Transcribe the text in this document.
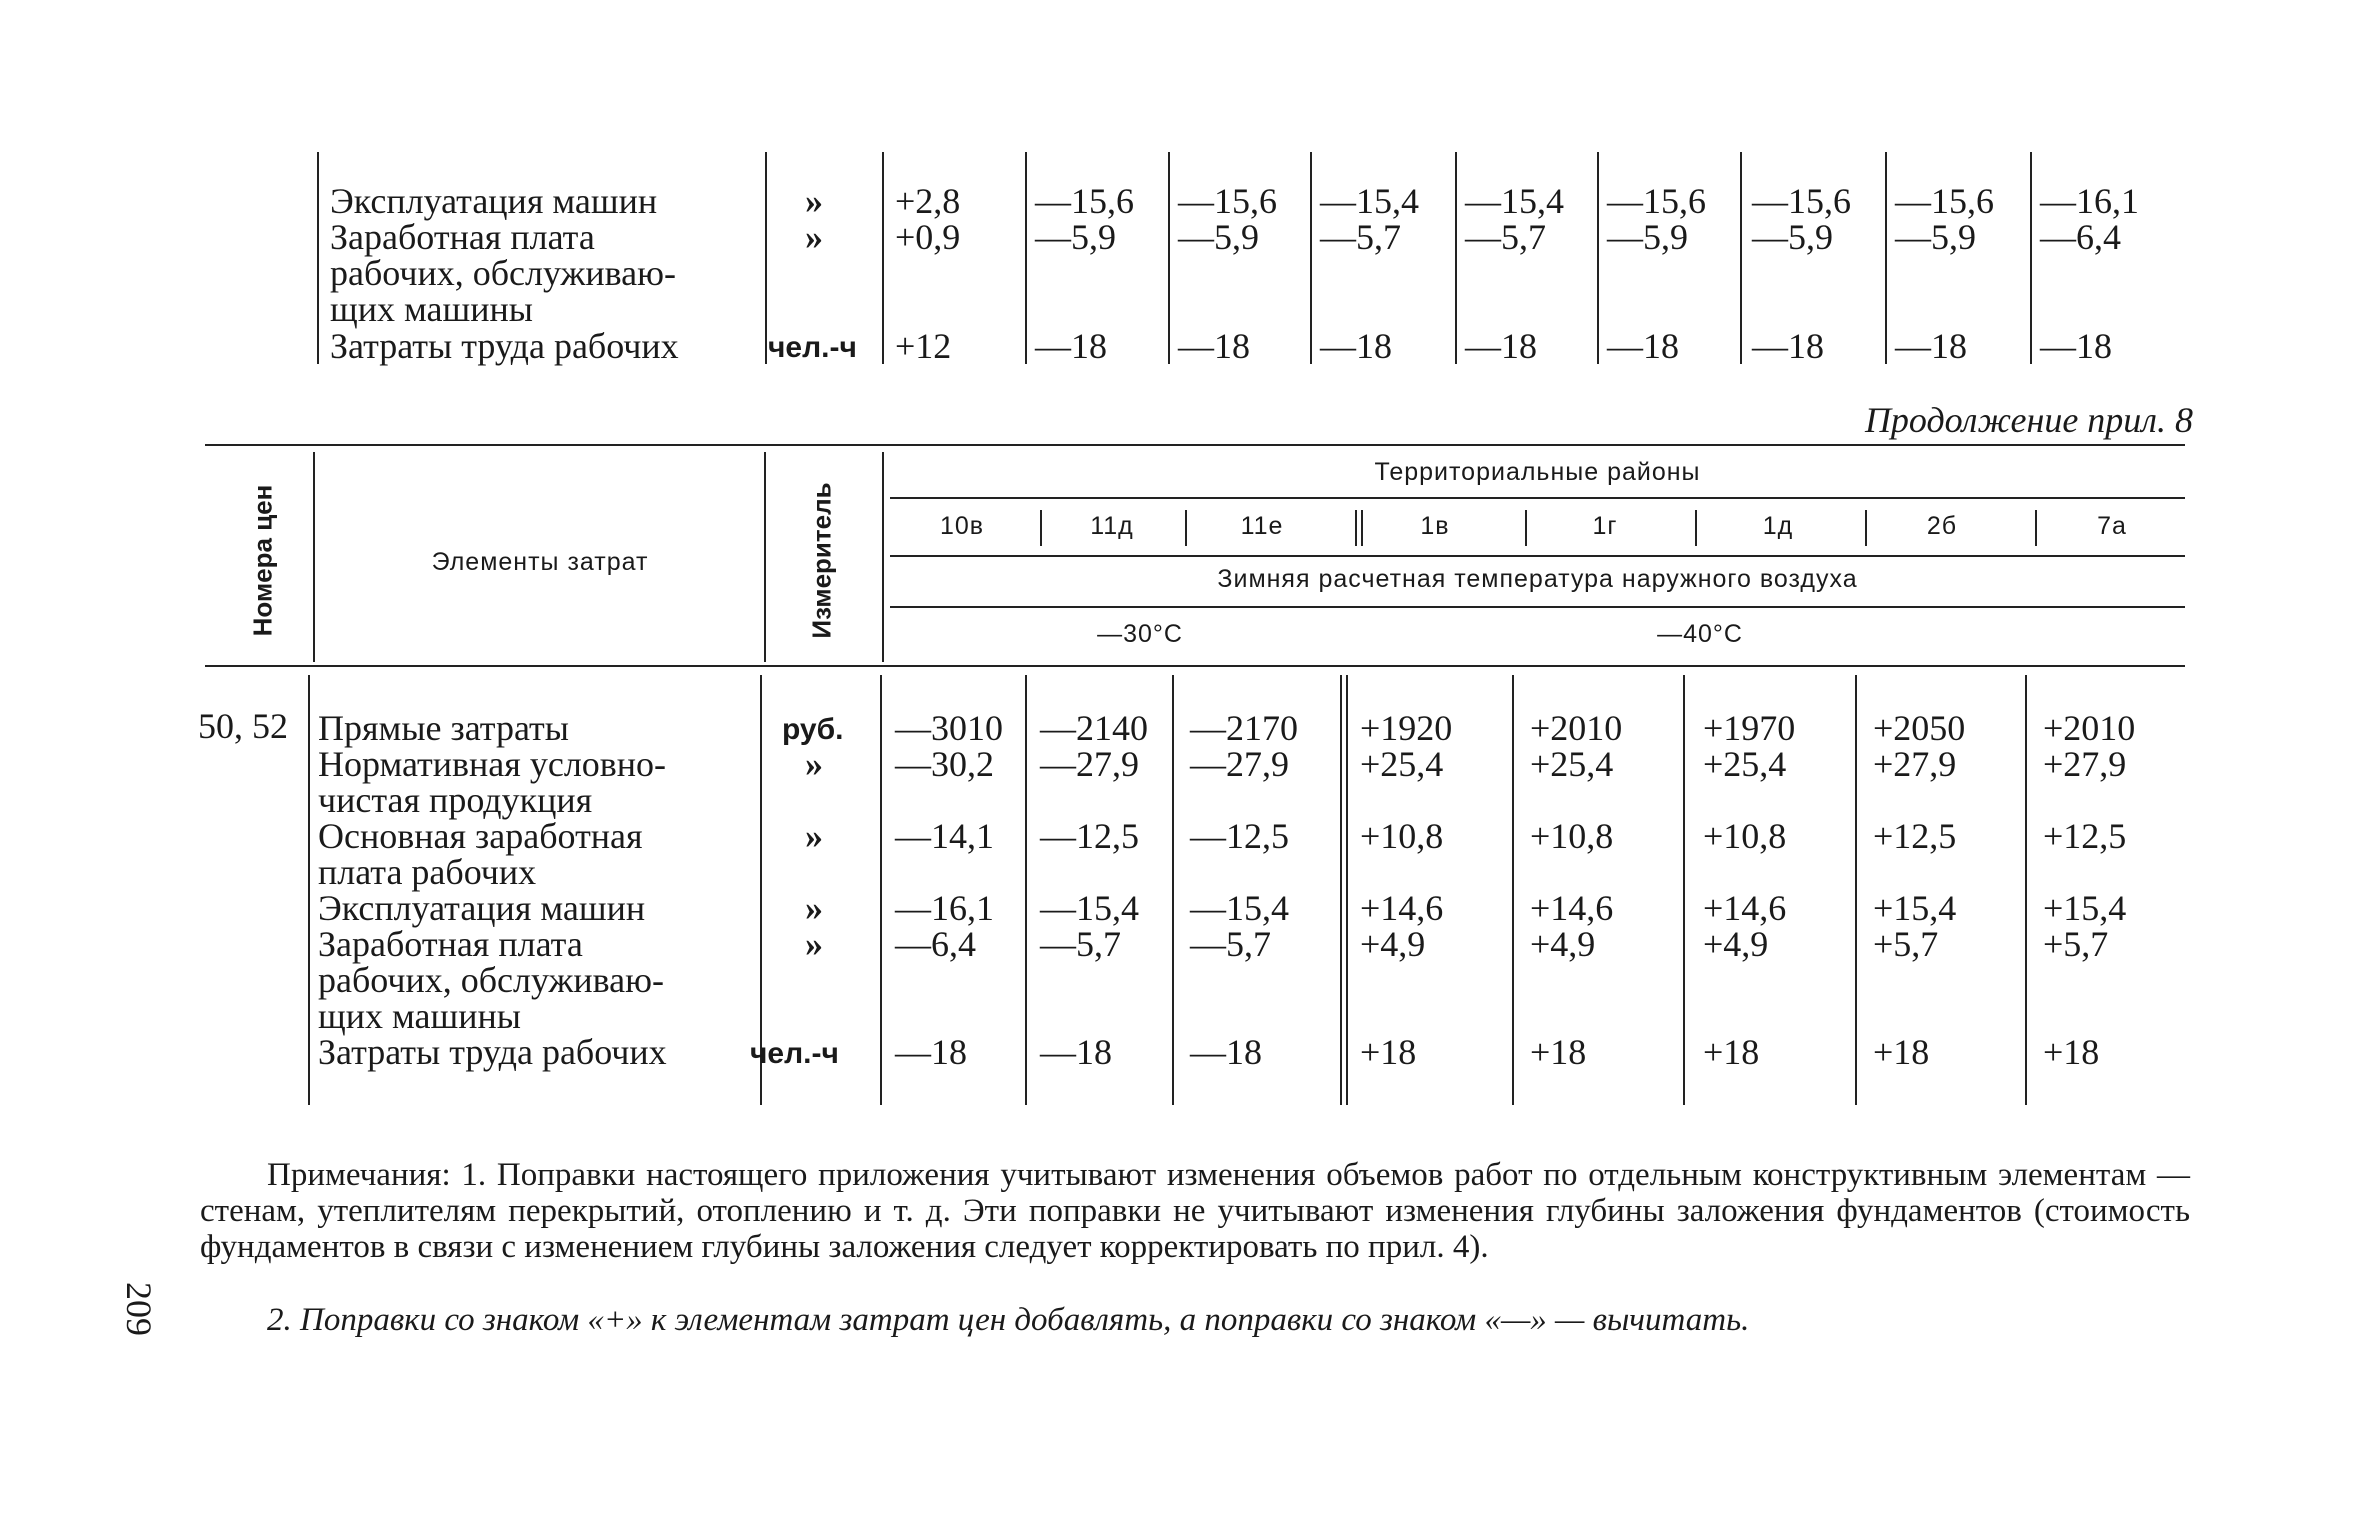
Эксплуатация машин	» +2,8 —15,6 —15,6 —15,4 —15,4 —15,6 —15,6 —15,6 —16,1
Заработная плата	» +0,9 —5,9 —5,9 —5,7 —5,7 —5,9 —5,9 —5,9 —6,4
рабочих, обслуживаю-
щих машины
Затраты труда рабочих	чел.-ч +12 —18 —18 —18 —18 —18 —18 —18 —18
Продолжение прил. 8
Номера цен	Элементы затрат	Измеритель
Территориальные районы
10в	11д	11е	1в	1г	1д	2б	7а
Зимняя расчетная температура наружного воздуха
—30°С	—40°С
50, 52 Прямые затраты	руб. —3010 —2140 —2170 +1920 +2010 +1970 +2050 +2010
Нормативная условно-	» —30,2 —27,9 —27,9 +25,4 +25,4 +25,4 +27,9 +27,9
чистая продукция
Основная заработная	» —14,1 —12,5 —12,5 +10,8 +10,8 +10,8 +12,5 +12,5
плата рабочих
Эксплуатация машин	» —16,1 —15,4 —15,4 +14,6 +14,6 +14,6 +15,4 +15,4
Заработная плата	» —6,4 —5,7 —5,7 +4,9	+4,9	+4,9	+5,7	+5,7
рабочих, обслуживаю-
щих машины
Затраты труда рабочих	чел.-ч —18 —18 —18	+18	+18	+18	+18	+18
Примечания: 1. Поправки настоящего приложения учитывают изменения объемов работ по отдельным конструктивным элементам — стенам, утеплителям перекрытий, отоплению и т. д. Эти поправки не учитывают изменения глубины заложения фундаментов (стоимость фундаментов в связи с изменением глубины заложения следует корректировать по прил. 4).
2. Поправки со знаком «+» к элементам затрат цен добавлять, а поправки со знаком «—» — вычитать.
209
